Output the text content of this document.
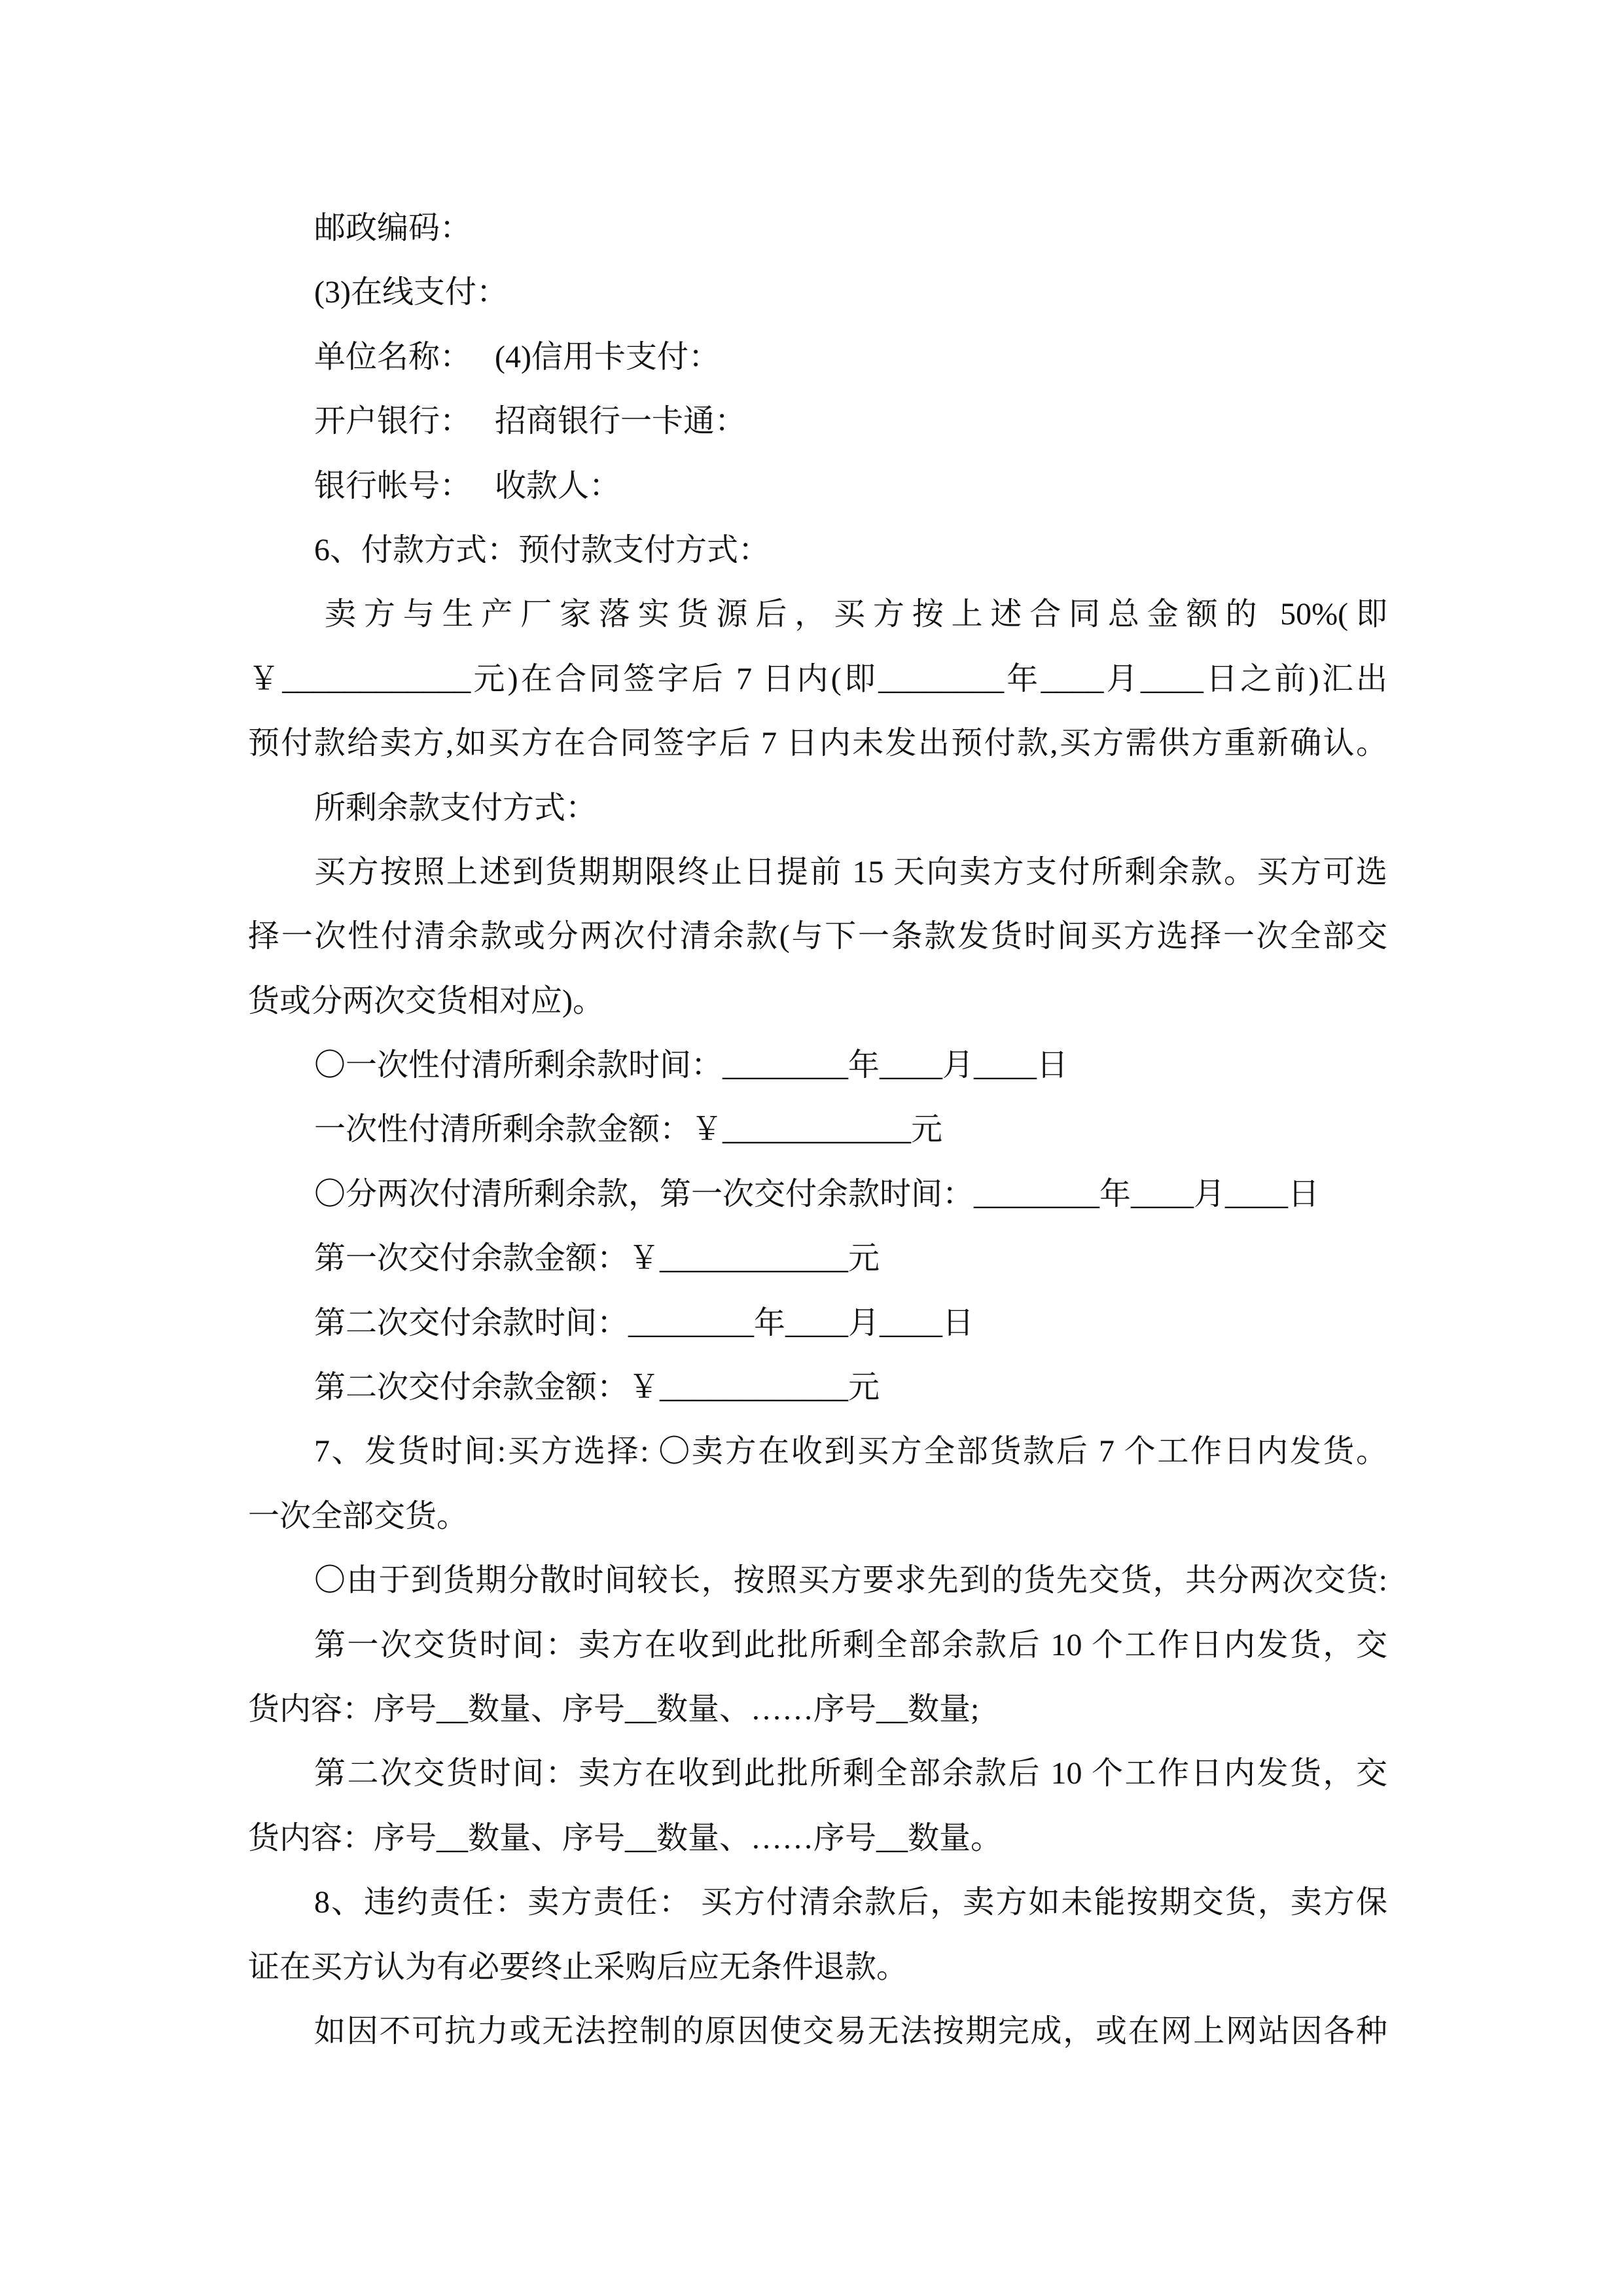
邮政编码：
(3)在线支付：
单位名称： (4)信用卡支付：
开户银行： 招商银行一卡通：
银行帐号： 收款人：
6、付款方式：预付款支付方式：
卖方与生产厂家落实货源后，买方按上述合同总金额的 50%(即
￥____________元)在合同签字后 7 日内(即________年____月____日之前)汇出
预付款给卖方,如买方在合同签字后 7 日内未发出预付款,买方需供方重新确认。
所剩余款支付方式：
买方按照上述到货期期限终止日提前 15 天向卖方支付所剩余款。买方可选
择一次性付清余款或分两次付清余款(与下一条款发货时间买方选择一次全部交
货或分两次交货相对应)。
〇一次性付清所剩余款时间：________年____月____日
一次性付清所剩余款金额：￥____________元
〇分两次付清所剩余款，第一次交付余款时间：________年____月____日
第一次交付余款金额：￥____________元
第二次交付余款时间：________年____月____日
第二次交付余款金额：￥____________元
7、发货时间:买方选择: 〇卖方在收到买方全部货款后 7 个工作日内发货。
一次全部交货。
〇由于到货期分散时间较长，按照买方要求先到的货先交货，共分两次交货:
第一次交货时间：卖方在收到此批所剩全部余款后 10 个工作日内发货，交
货内容：序号__数量、序号__数量、……序号__数量;
第二次交货时间：卖方在收到此批所剩全部余款后 10 个工作日内发货，交
货内容：序号__数量、序号__数量、……序号__数量。
8、违约责任：卖方责任： 买方付清余款后，卖方如未能按期交货，卖方保
证在买方认为有必要终止采购后应无条件退款。
如因不可抗力或无法控制的原因使交易无法按期完成，或在网上网站因各种
